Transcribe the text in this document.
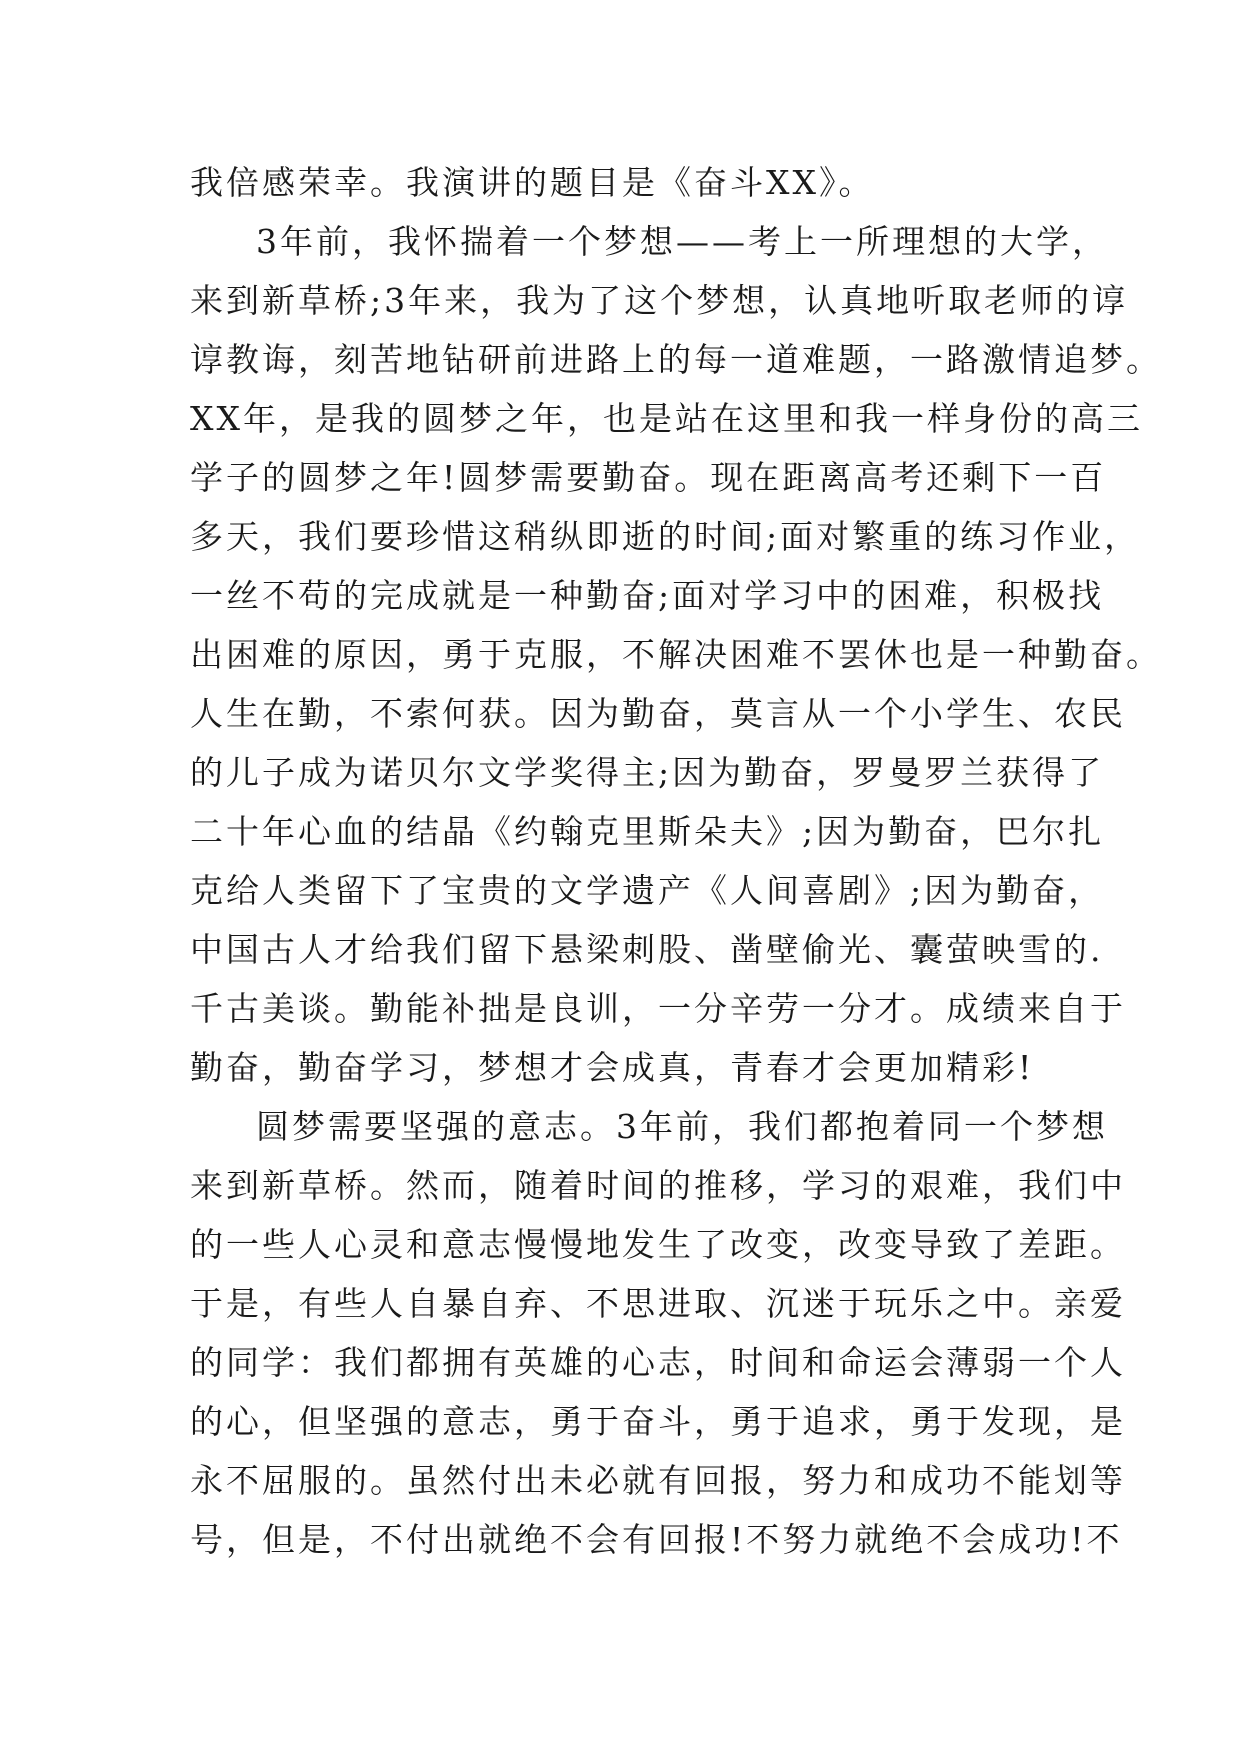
我倍感荣幸。我演讲的题目是《奋斗XX》。
3年前，我怀揣着一个梦想——考上一所理想的大学，
来到新草桥;3年来，我为了这个梦想，认真地听取老师的谆
谆教诲，刻苦地钻研前进路上的每一道难题，一路激情追梦。
XX年，是我的圆梦之年，也是站在这里和我一样身份的高三
学子的圆梦之年!圆梦需要勤奋。现在距离高考还剩下一百
多天，我们要珍惜这稍纵即逝的时间;面对繁重的练习作业，
一丝不苟的完成就是一种勤奋;面对学习中的困难，积极找
出困难的原因，勇于克服，不解决困难不罢休也是一种勤奋。
人生在勤，不索何获。因为勤奋，莫言从一个小学生、农民
的儿子成为诺贝尔文学奖得主;因为勤奋，罗曼罗兰获得了
二十年心血的结晶《约翰克里斯朵夫》;因为勤奋，巴尔扎
克给人类留下了宝贵的文学遗产《人间喜剧》;因为勤奋，
中国古人才给我们留下悬梁刺股、凿壁偷光、囊萤映雪的.
千古美谈。勤能补拙是良训，一分辛劳一分才。成绩来自于
勤奋，勤奋学习，梦想才会成真，青春才会更加精彩!
圆梦需要坚强的意志。3年前，我们都抱着同一个梦想
来到新草桥。然而，随着时间的推移，学习的艰难，我们中
的一些人心灵和意志慢慢地发生了改变，改变导致了差距。
于是，有些人自暴自弃、不思进取、沉迷于玩乐之中。亲爱
的同学：我们都拥有英雄的心志，时间和命运会薄弱一个人
的心，但坚强的意志，勇于奋斗，勇于追求，勇于发现，是
永不屈服的。虽然付出未必就有回报，努力和成功不能划等
号，但是，不付出就绝不会有回报!不努力就绝不会成功!不
